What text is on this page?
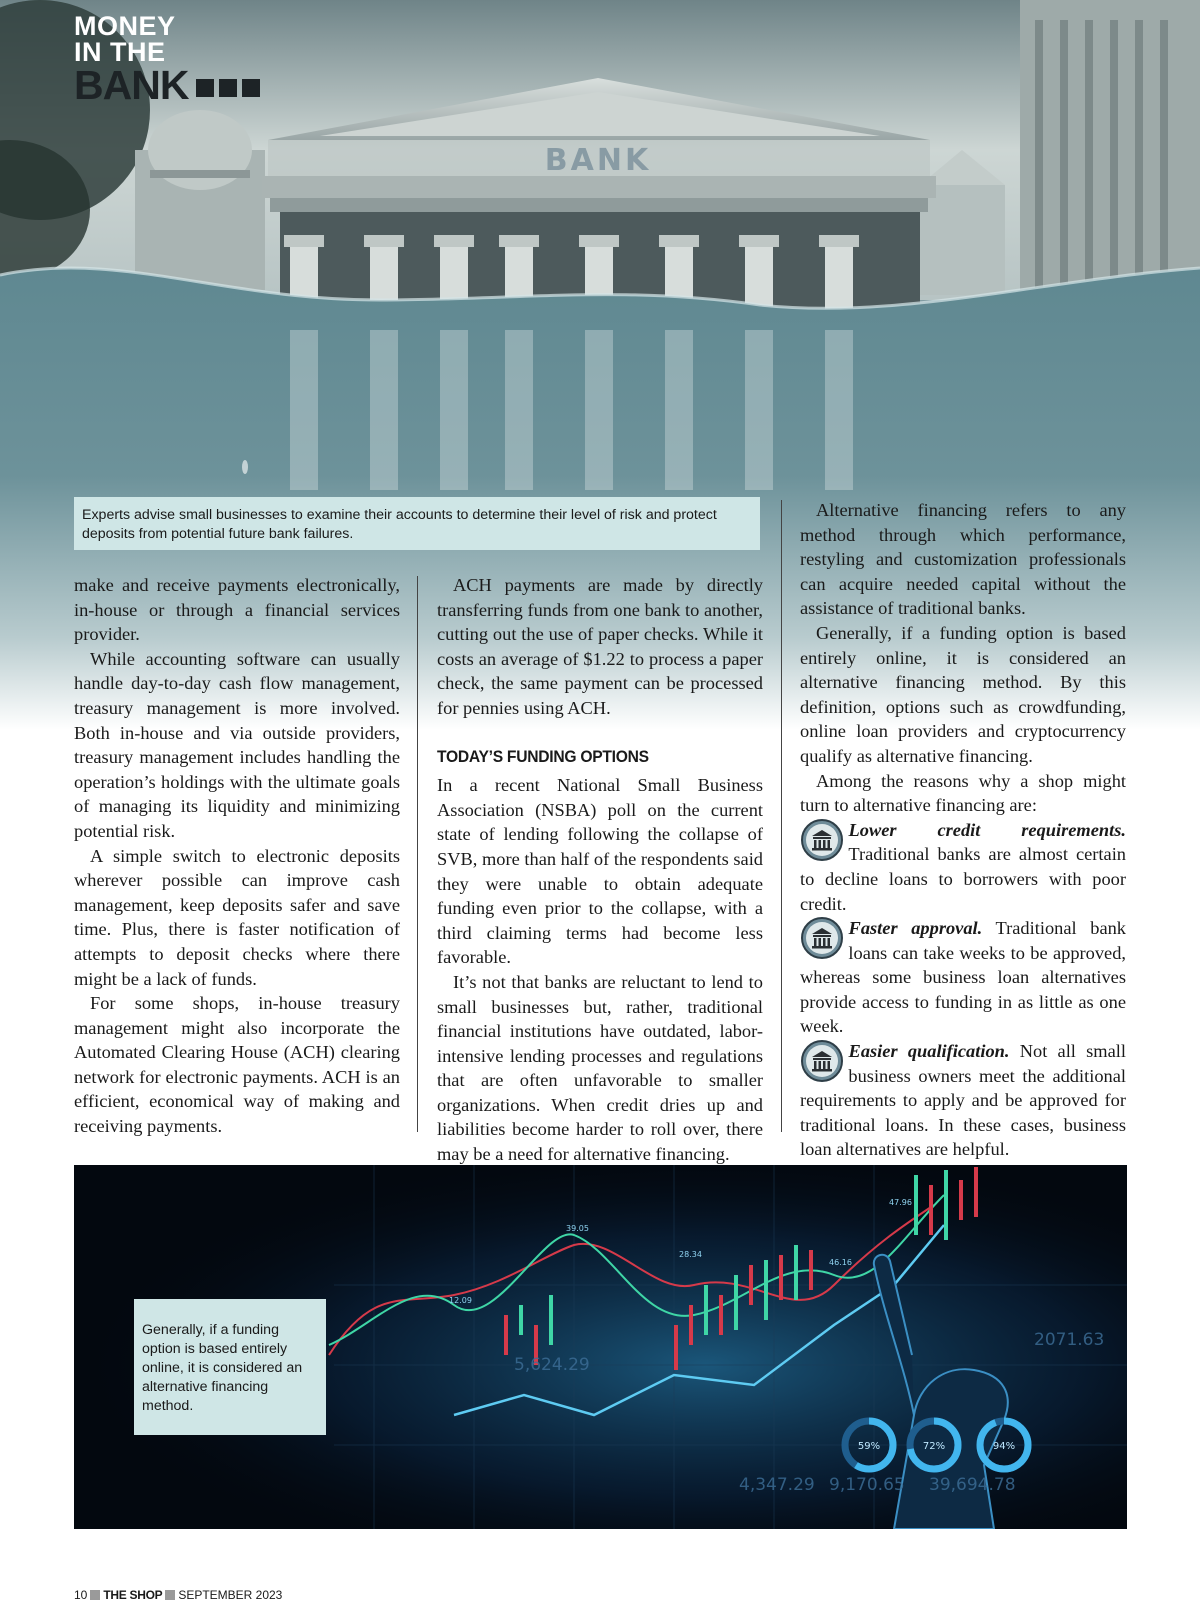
MONEY
IN THE
BANK
Experts advise small businesses to examine their accounts to determine their level of risk and protect deposits from potential future bank failures.

make and receive payments electronically, in-house or through a financial services provider.

While accounting software can usually handle day-to-day cash flow management, treasury management is more involved. Both in-house and via outside providers, treasury management includes handling the operation’s holdings with the ultimate goals of managing its liquidity and minimizing potential risk.

A simple switch to electronic deposits wherever possible can improve cash management, keep deposits safer and save time. Plus, there is faster notification of attempts to deposit checks where there might be a lack of funds.

For some shops, in-house treasury management might also incorporate the Automated Clearing House (ACH) clearing network for electronic payments. ACH is an efficient, economical way of making and receiving payments.

ACH payments are made by directly transferring funds from one bank to another, cutting out the use of paper checks. While it costs an average of $1.22 to process a paper check, the same payment can be processed for pennies using ACH.

TODAY’S FUNDING OPTIONS

In a recent National Small Business Association (NSBA) poll on the current state of lending following the collapse of SVB, more than half of the respondents said they were unable to obtain adequate funding even prior to the collapse, with a third claiming terms had become less favorable.

It’s not that banks are reluctant to lend to small businesses but, rather, traditional financial institutions have outdated, labor-intensive lending processes and regulations that are often unfavorable to smaller organizations. When credit dries up and liabilities become harder to roll over, there may be a need for alternative financing.

Alternative financing refers to any method through which performance, restyling and customization professionals can acquire needed capital without the assistance of traditional banks.

Generally, if a funding option is based entirely online, it is considered an alternative financing method. By this definition, options such as crowdfunding, online loan providers and cryptocurrency qualify as alternative financing.

Among the reasons why a shop might turn to alternative financing are:

Lower credit requirements. Traditional banks are almost certain to decline loans to borrowers with poor credit.

Faster approval. Traditional bank loans can take weeks to be approved, whereas some business loan alternatives provide access to funding in as little as one week.

Easier qualification. Not all small business owners meet the additional requirements to apply and be approved for traditional loans. In these cases, business loan alternatives are helpful.

39.05
28.34
12.09
46.16
47.96
5,624.29
4,347.29 9,170.65 39,694.78
2071.63
59%	72%	94%
Generally, if a funding option is based entirely online, it is considered an alternative financing method.
10 THE SHOP SEPTEMBER 2023
